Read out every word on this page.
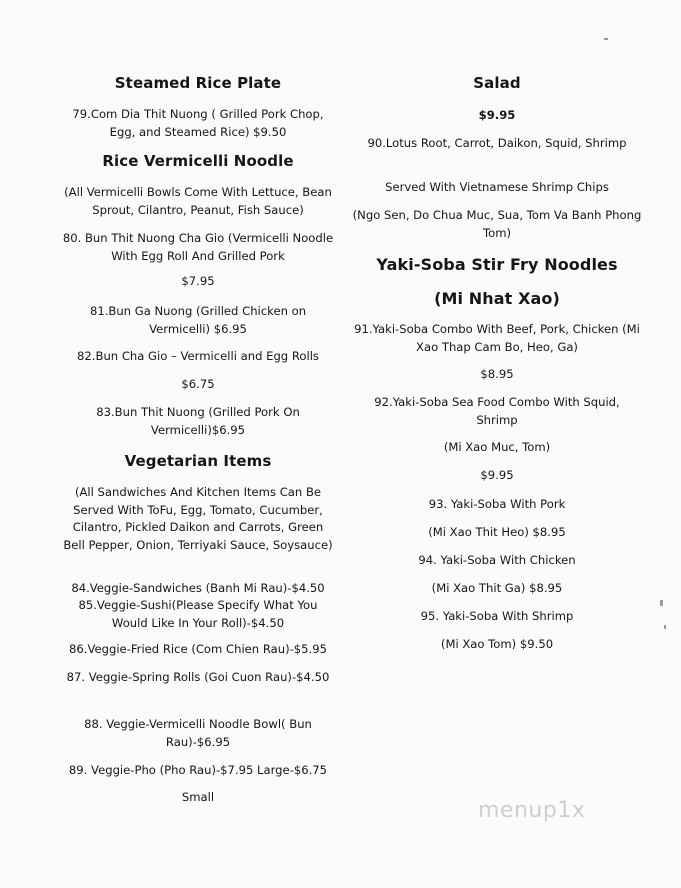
Steamed Rice Plate

79.Com Dia Thit Nuong ( Grilled Pork Chop, Egg, and Steamed Rice) $9.50

Rice Vermicelli Noodle

(All Vermicelli Bowls Come With Lettuce, Bean Sprout, Cilantro, Peanut, Fish Sauce)

80. Bun Thit Nuong Cha Gio (Vermicelli Noodle With Egg Roll And Grilled Pork

$7.95

81.Bun Ga Nuong (Grilled Chicken on Vermicelli) $6.95

82.Bun Cha Gio – Vermicelli and Egg Rolls

$6.75

83.Bun Thit Nuong (Grilled Pork On Vermicelli)$6.95

Vegetarian Items

(All Sandwiches And Kitchen Items Can Be Served With ToFu, Egg, Tomato, Cucumber, Cilantro, Pickled Daikon and Carrots, Green Bell Pepper, Onion, Terriyaki Sauce, Soysauce)

84.Veggie-Sandwiches (Banh Mi Rau)-$4.50

85.Veggie-Sushi(Please Specify What You Would Like In Your Roll)-$4.50

86.Veggie-Fried Rice (Com Chien Rau)-$5.95

87. Veggie-Spring Rolls (Goi Cuon Rau)-$4.50

88. Veggie-Vermicelli Noodle Bowl( Bun Rau)-$6.95

89. Veggie-Pho (Pho Rau)-$7.95 Large-$6.75

Small

Salad

$9.95

90.Lotus Root, Carrot, Daikon, Squid, Shrimp

Served With Vietnamese Shrimp Chips

(Ngo Sen, Do Chua Muc, Sua, Tom Va Banh Phong Tom)

Yaki-Soba Stir Fry Noodles
(Mi Nhat Xao)

91.Yaki-Soba Combo With Beef, Pork, Chicken (Mi Xao Thap Cam Bo, Heo, Ga)

$8.95

92.Yaki-Soba Sea Food Combo With Squid, Shrimp

(Mi Xao Muc, Tom)

$9.95

93. Yaki-Soba With Pork

(Mi Xao Thit Heo) $8.95

94. Yaki-Soba With Chicken

(Mi Xao Thit Ga) $8.95

95. Yaki-Soba With Shrimp

(Mi Xao Tom) $9.50

menup1x
